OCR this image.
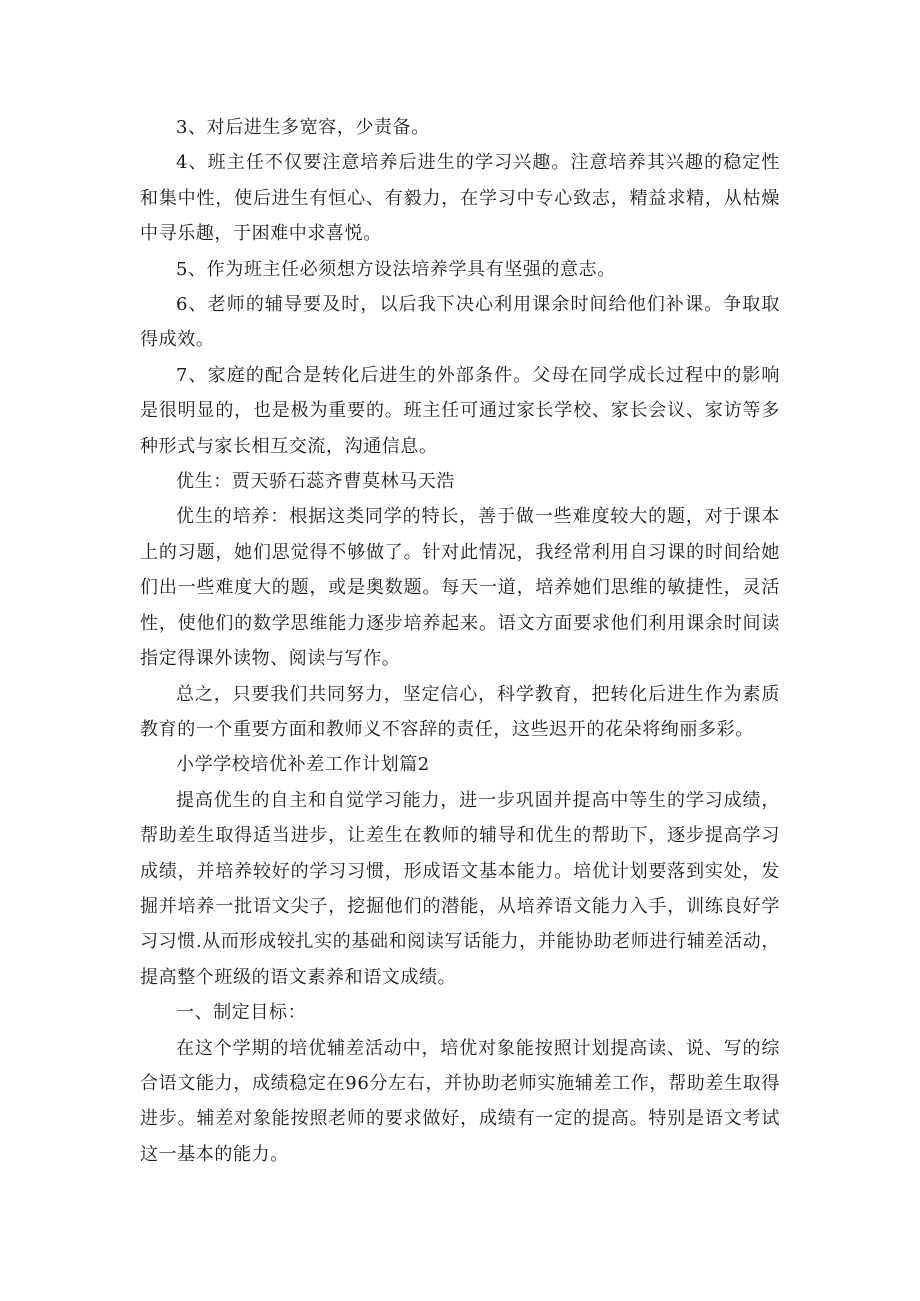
3、对后进生多宽容，少责备。

4、班主任不仅要注意培养后进生的学习兴趣。注意培养其兴趣的稳定性和集中性，使后进生有恒心、有毅力，在学习中专心致志，精益求精，从枯燥中寻乐趣，于困难中求喜悦。

5、作为班主任必须想方设法培养学具有坚强的意志。

6、老师的辅导要及时，以后我下决心利用课余时间给他们补课。争取取得成效。

7、家庭的配合是转化后进生的外部条件。父母在同学成长过程中的影响是很明显的，也是极为重要的。班主任可通过家长学校、家长会议、家访等多种形式与家长相互交流，沟通信息。

优生：贾天骄石蕊齐曹莫林马天浩

优生的培养：根据这类同学的特长，善于做一些难度较大的题，对于课本上的习题，她们思觉得不够做了。针对此情况，我经常利用自习课的时间给她们出一些难度大的题，或是奥数题。每天一道，培养她们思维的敏捷性，灵活性，使他们的数学思维能力逐步培养起来。语文方面要求他们利用课余时间读指定得课外读物、阅读与写作。

总之，只要我们共同努力，坚定信心，科学教育，把转化后进生作为素质教育的一个重要方面和教师义不容辞的责任，这些迟开的花朵将绚丽多彩。

小学学校培优补差工作计划篇2

提高优生的自主和自觉学习能力，进一步巩固并提高中等生的学习成绩，帮助差生取得适当进步，让差生在教师的辅导和优生的帮助下，逐步提高学习成绩，并培养较好的学习习惯，形成语文基本能力。培优计划要落到实处，发掘并培养一批语文尖子，挖掘他们的潜能，从培养语文能力入手，训练良好学习习惯.从而形成较扎实的基础和阅读写话能力，并能协助老师进行辅差活动，提高整个班级的语文素养和语文成绩。

一、制定目标：

在这个学期的培优辅差活动中，培优对象能按照计划提高读、说、写的综合语文能力，成绩稳定在96分左右，并协助老师实施辅差工作，帮助差生取得进步。辅差对象能按照老师的要求做好，成绩有一定的提高。特别是语文考试这一基本的能力。
